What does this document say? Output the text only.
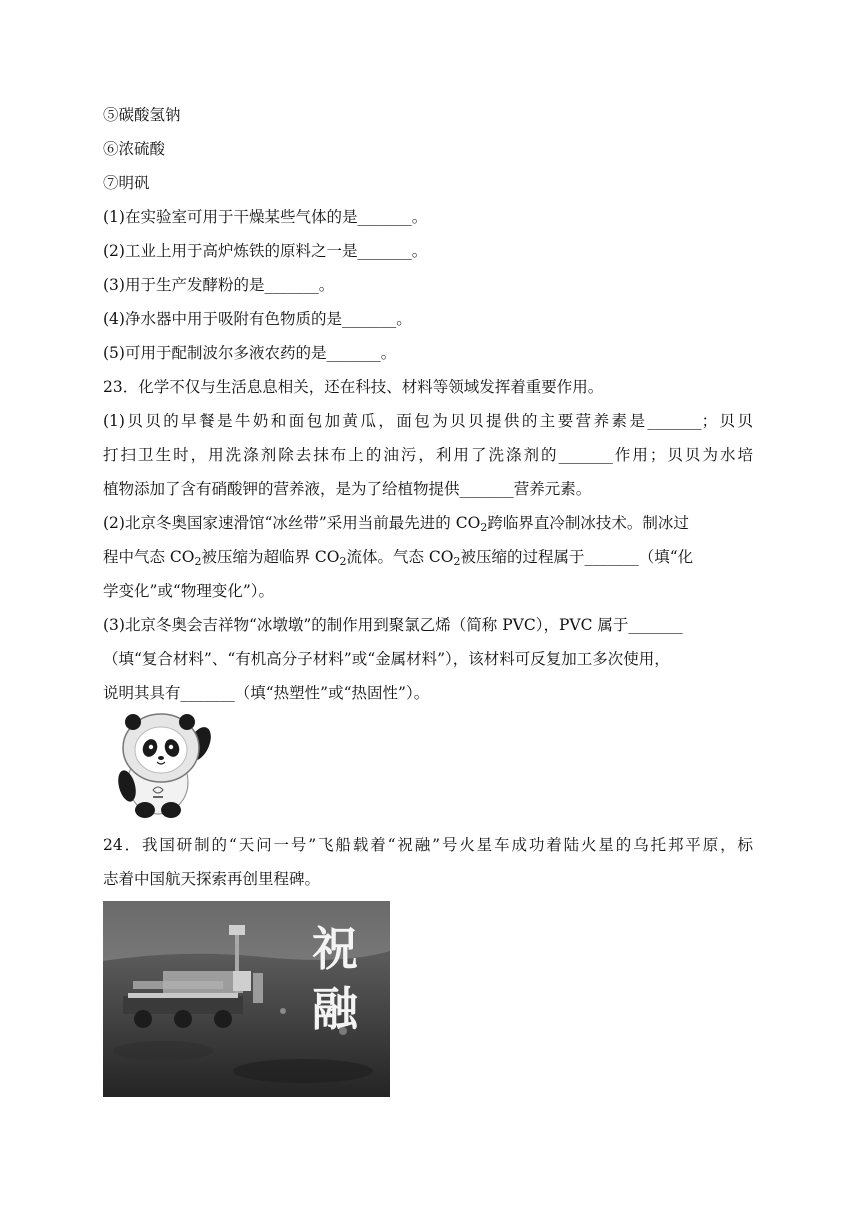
⑤碳酸氢钠
⑥浓硫酸
⑦明矾
(1)在实验室可用于干燥某些气体的是_______。
(2)工业上用于高炉炼铁的原料之一是_______。
(3)用于生产发酵粉的是_______。
(4)净水器中用于吸附有色物质的是_______。
(5)可用于配制波尔多液农药的是_______。
23．化学不仅与生活息息相关，还在科技、材料等领域发挥着重要作用。
(1)贝贝的早餐是牛奶和面包加黄瓜，面包为贝贝提供的主要营养素是_______；贝贝
打扫卫生时，用洗涤剂除去抹布上的油污，利用了洗涤剂的_______作用；贝贝为水培
植物添加了含有硝酸钾的营养液，是为了给植物提供_______营养元素。
(2)北京冬奥国家速滑馆“冰丝带”采用当前最先进的 $CO_2$跨临界直冷制冰技术。制冰过
程中气态 $CO_2$被压缩为超临界 $CO_2$流体。气态 $CO_2$被压缩的过程属于_______（填“化
学变化”或“物理变化”）。
(3)北京冬奥会吉祥物“冰墩墩”的制作用到聚氯乙烯（简称 PVC），PVC 属于_______
（填“复合材料”、“有机高分子材料”或“金属材料”），该材料可反复加工多次使用，
说明其具有_______（填“热塑性”或“热固性”）。
24．我国研制的“天问一号”飞船载着“祝融”号火星车成功着陆火星的乌托邦平原，标
志着中国航天探索再创里程碑。
祝
融
